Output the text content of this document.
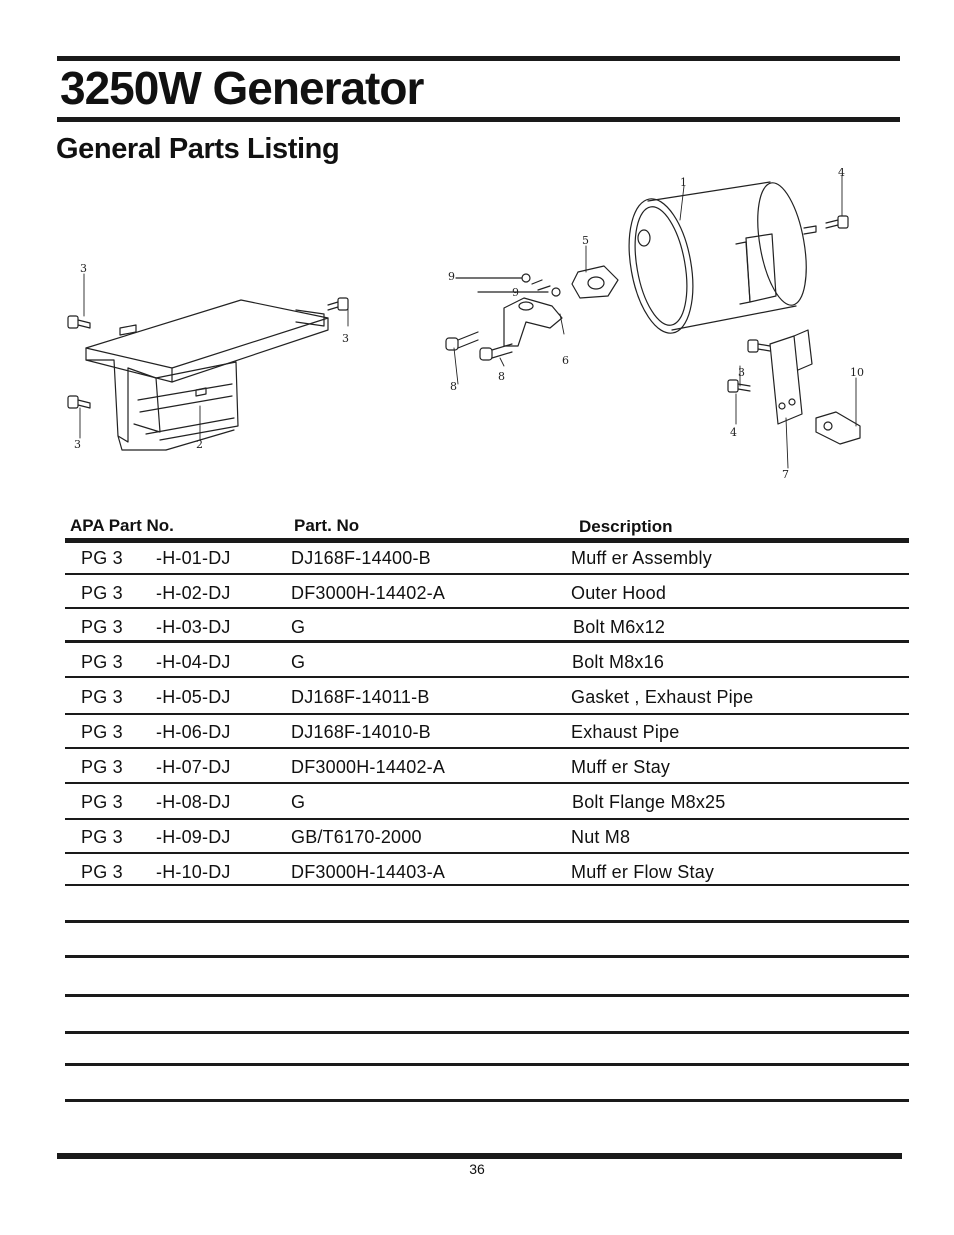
3250W Generator
General Parts Listing
1
2
3
3
3
3
4
4
5
6
7
8
8
9
9
10
APA Part No.	Part. No	Description
PG 3 -H-01-DJ	DJ168F-14400-B	Muff er Assembly
PG 3 -H-02-DJ	DF3000H-14402-A	Outer Hood
PG 3 -H-03-DJ	G	Bolt M6x12
PG 3 -H-04-DJ	G	Bolt M8x16
PG 3 -H-05-DJ	DJ168F-14011-B	Gasket , Exhaust Pipe
PG 3 -H-06-DJ	DJ168F-14010-B	Exhaust Pipe
PG 3 -H-07-DJ	DF3000H-14402-A	Muff er Stay
PG 3 -H-08-DJ	G	Bolt Flange M8x25
PG 3 -H-09-DJ	GB/T6170-2000	Nut M8
PG 3 -H-10-DJ	DF3000H-14403-A	Muff er Flow Stay
36
